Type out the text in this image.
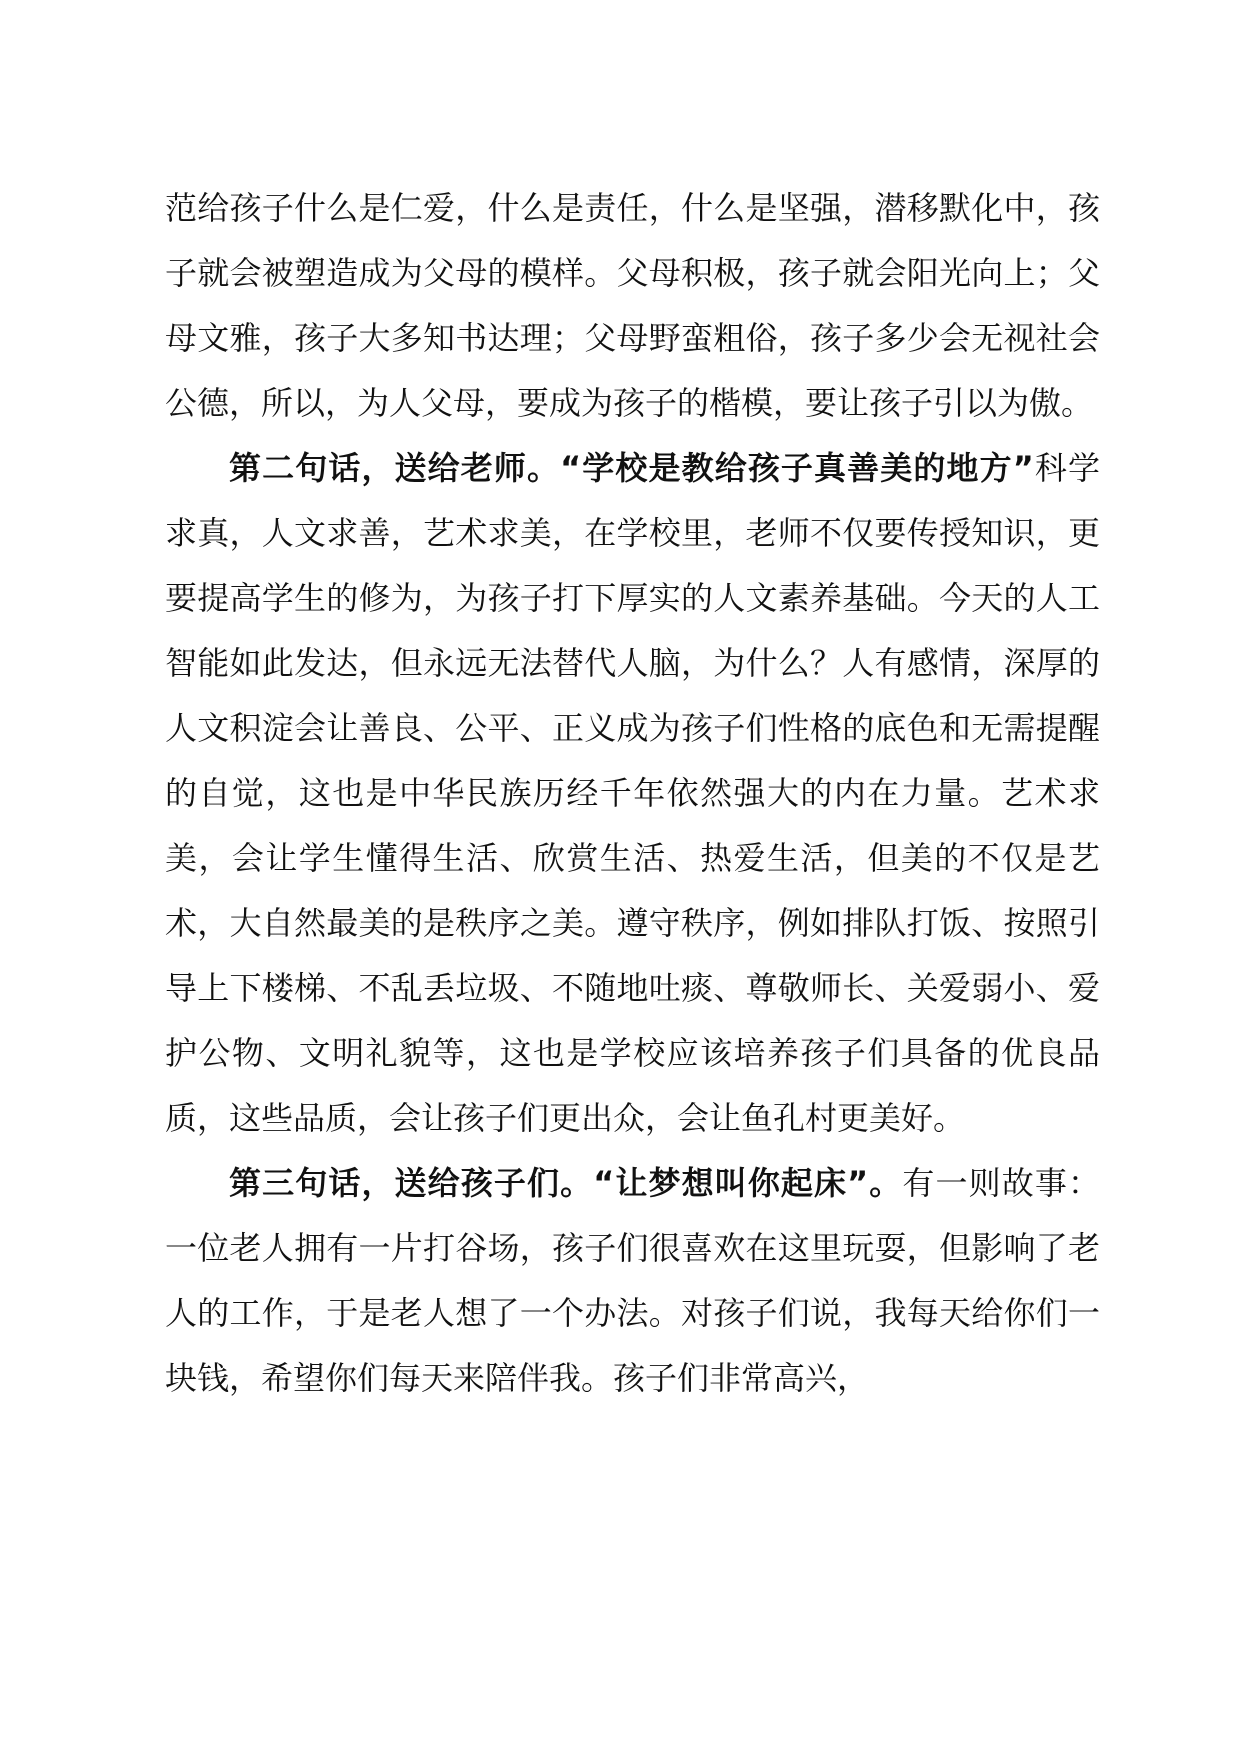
范给孩子什么是仁爱，什么是责任，什么是坚强，潜移默化中，孩子就会被塑造成为父母的模样。父母积极，孩子就会阳光向上；父母文雅，孩子大多知书达理；父母野蛮粗俗，孩子多少会无视社会公德，所以，为人父母，要成为孩子的楷模，要让孩子引以为傲。

第二句话，送给老师。“学校是教给孩子真善美的地方”科学求真，人文求善，艺术求美，在学校里，老师不仅要传授知识，更要提高学生的修为，为孩子打下厚实的人文素养基础。今天的人工智能如此发达，但永远无法替代人脑，为什么？人有感情，深厚的人文积淀会让善良、公平、正义成为孩子们性格的底色和无需提醒的自觉，这也是中华民族历经千年依然强大的内在力量。艺术求美，会让学生懂得生活、欣赏生活、热爱生活，但美的不仅是艺术，大自然最美的是秩序之美。遵守秩序，例如排队打饭、按照引导上下楼梯、不乱丢垃圾、不随地吐痰、尊敬师长、关爱弱小、爱护公物、文明礼貌等，这也是学校应该培养孩子们具备的优良品质，这些品质，会让孩子们更出众，会让鱼孔村更美好。

第三句话，送给孩子们。“让梦想叫你起床”。有一则故事：一位老人拥有一片打谷场，孩子们很喜欢在这里玩耍，但影响了老人的工作，于是老人想了一个办法。对孩子们说，我每天给你们一块钱，希望你们每天来陪伴我。孩子们非常高兴，
